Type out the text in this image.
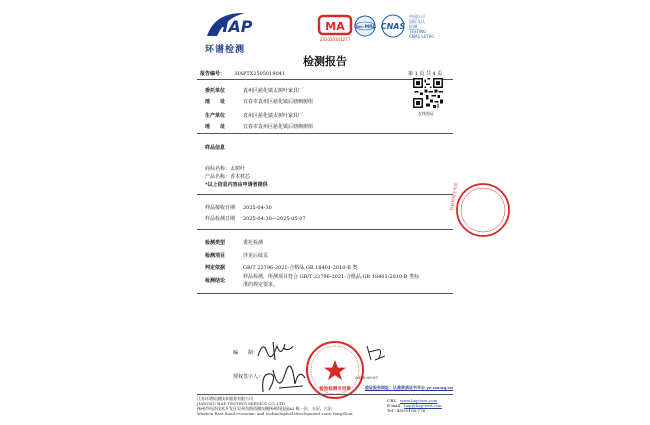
HAP
环谱检测
MA
231020341277
ilac-MRA CNAS
中国认可
国际互认
检测
TESTING
CNAS L6760
检测报告
报告编号： HAPTX2505019041	第 1 页 共 4 页
在线验证
委托单位	袁州区慈化镇太树叶家具厂
地　　址	宜春市袁州区慈化镇后塘枫树组
生产单位	袁州区慈化镇太树叶家具厂
地　　址	宜春市袁州区慈化镇后塘枫树组
样品信息
商标名称：太树叶
产品名称：香木枕芯
*以上信息内容由申请者提供
样品接收日期 2025-04-30
样品检测日期 2025-04-30—2025-05-07
检测类型	委托检测
检测项目	详见后续页
判定依据	GB/T 22796-2021-合格品,GB 18401-2010-B 类
检测结论
样品检测，所测项目符合 GB/T 22796-2021-合格品,GB 18401-2010-B 类标准的规定要求。
检验检测专用章
编　　制：
授权签字人：
检验检测专用章
2025-05-07
验证报告网址：认准资质证书平台 ye.cncnq.cn
江苏环谱检测技术服务有限公司
JIANGSU HAP TESTING SERVICE CO.,LTD
扬州市经济技术开发区吴州东路西侧东侧扬州科技园A3 栋一层、五层、六层
Wuzhou East Road,economic and technological development zone,YangZhou
URL：www.hap-test.com
E-mail：hap@hap-test.com
Tel：400-0100-776
